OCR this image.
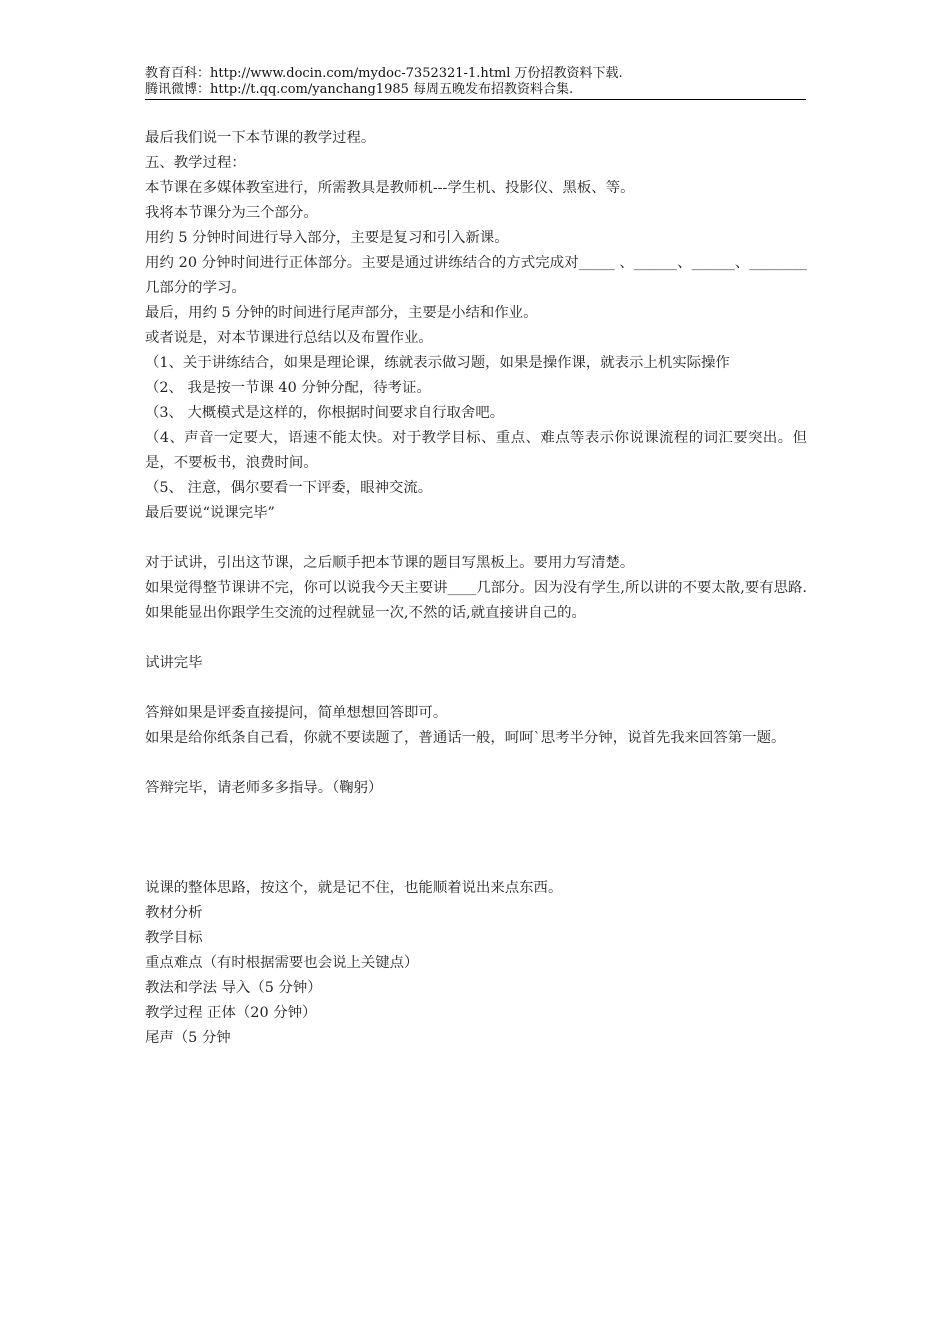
教育百科：http://www.docin.com/mydoc-7352321-1.html 万份招教资料下载.
腾讯微博：http://t.qq.com/yanchang1985 每周五晚发布招教资料合集.

最后我们说一下本节课的教学过程。

五、教学过程：

本节课在多媒体教室进行，所需教具是教师机---学生机、投影仪、黑板、等。

我将本节课分为三个部分。

用约 5 分钟时间进行导入部分，主要是复习和引入新课。

用约 20 分钟时间进行正体部分。主要是通过讲练结合的方式完成对_____ 、______、______、________几部分的学习。

最后，用约 5 分钟的时间进行尾声部分，主要是小结和作业。

或者说是，对本节课进行总结以及布置作业。

（1、关于讲练结合，如果是理论课，练就表示做习题，如果是操作课，就表示上机实际操作

（2、 我是按一节课 40 分钟分配，待考证。

（3、 大概模式是这样的，你根据时间要求自行取舍吧。

（4、声音一定要大，语速不能太快。对于教学目标、重点、难点等表示你说课流程的词汇要突出。但是，不要板书，浪费时间。

（5、 注意，偶尔要看一下评委，眼神交流。

最后要说“说课完毕”

对于试讲，引出这节课，之后顺手把本节课的题目写黑板上。要用力写清楚。

如果觉得整节课讲不完，你可以说我今天主要讲____几部分。因为没有学生,所以讲的不要太散,要有思路.如果能显出你跟学生交流的过程就显一次,不然的话,就直接讲自己的。

试讲完毕

答辩如果是评委直接提问，简单想想回答即可。

如果是给你纸条自己看，你就不要读题了，普通话一般，呵呵`思考半分钟，说首先我来回答第一题。

答辩完毕，请老师多多指导。（鞠躬）

说课的整体思路，按这个，就是记不住，也能顺着说出来点东西。

教材分析

教学目标

重点难点（有时根据需要也会说上关键点）

教法和学法 导入（5 分钟）

教学过程 正体（20 分钟）

尾声（5 分钟
